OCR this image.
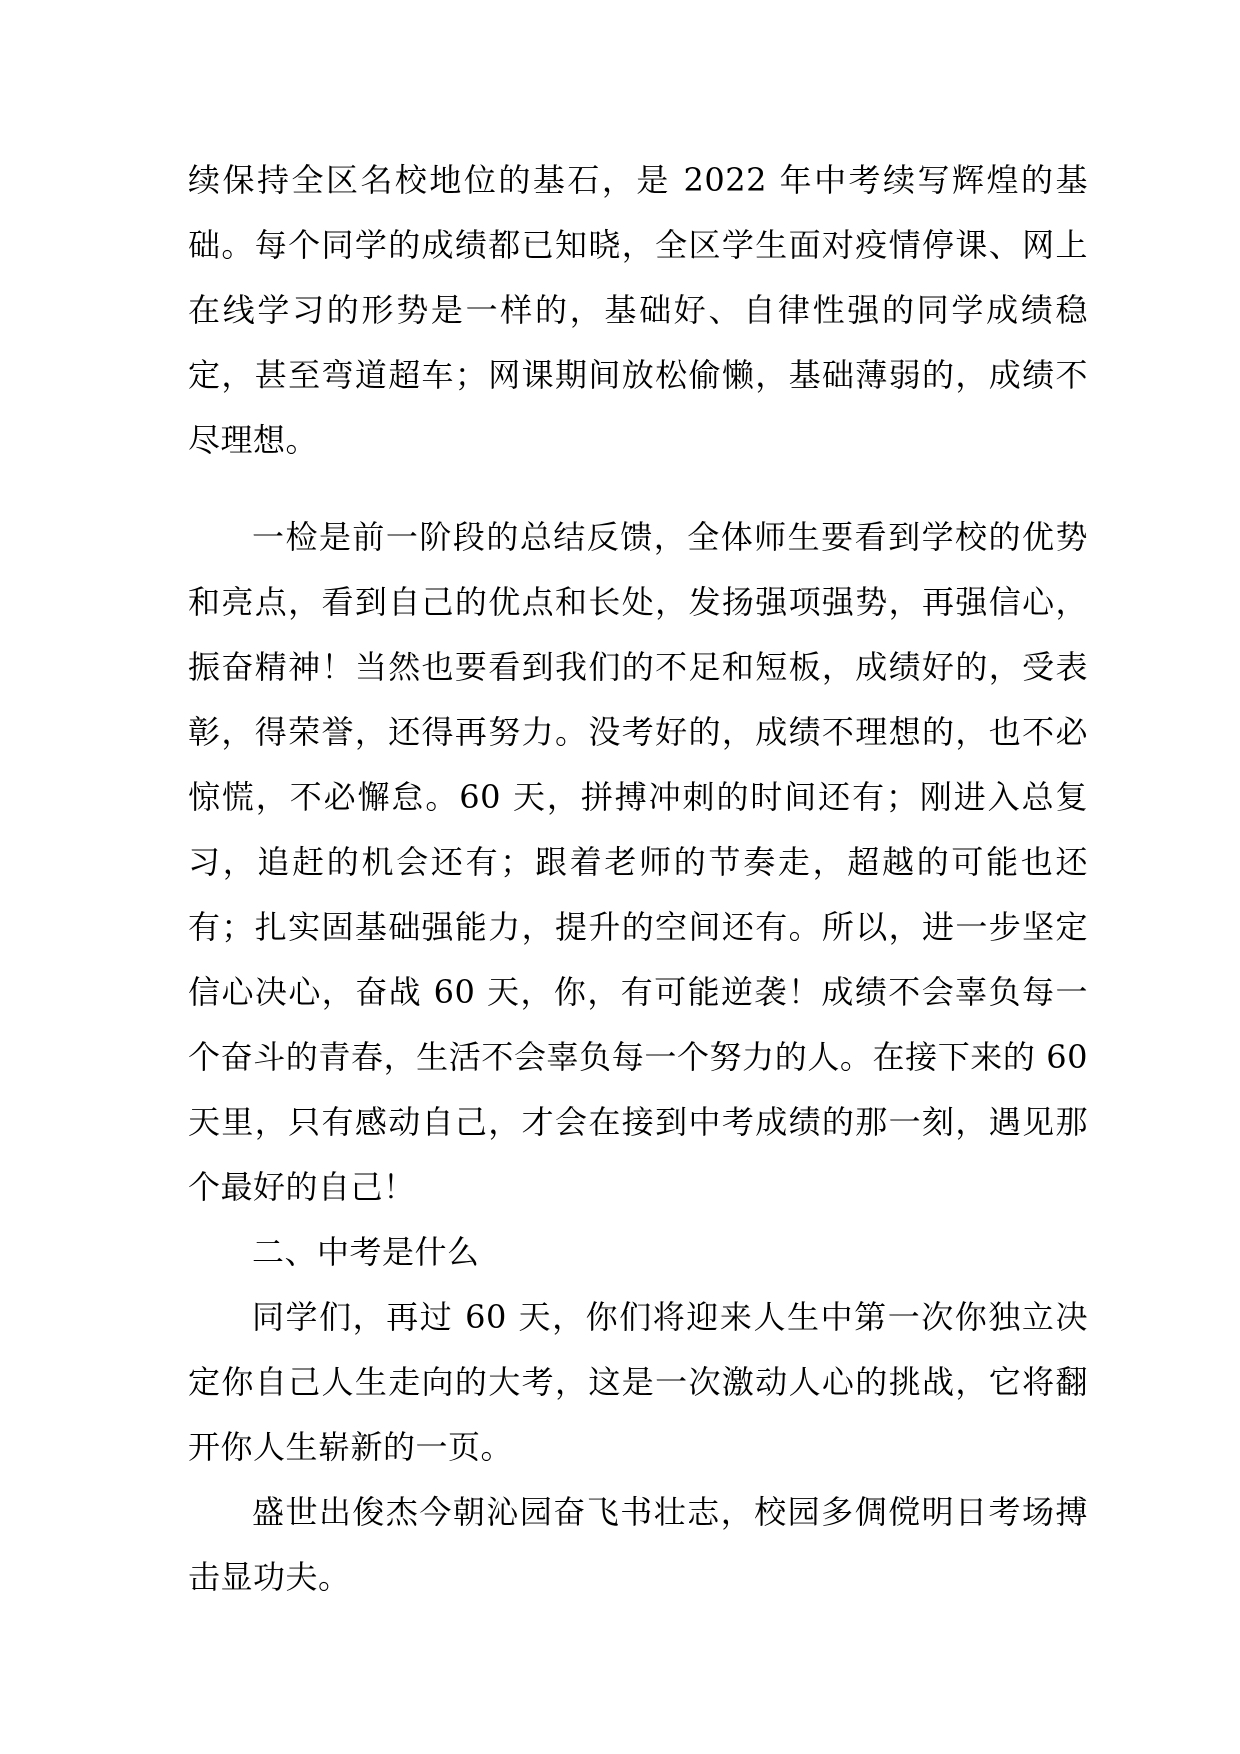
续保持全区名校地位的基石，是 2022 年中考续写辉煌的基础。每个同学的成绩都已知晓，全区学生面对疫情停课、网上在线学习的形势是一样的，基础好、自律性强的同学成绩稳定，甚至弯道超车；网课期间放松偷懒，基础薄弱的，成绩不尽理想。

一检是前一阶段的总结反馈，全体师生要看到学校的优势和亮点，看到自己的优点和长处，发扬强项强势，再强信心，振奋精神！当然也要看到我们的不足和短板，成绩好的，受表彰，得荣誉，还得再努力。没考好的，成绩不理想的，也不必惊慌，不必懈怠。60 天，拼搏冲刺的时间还有；刚进入总复习，追赶的机会还有；跟着老师的节奏走，超越的可能也还有；扎实固基础强能力，提升的空间还有。所以，进一步坚定信心决心，奋战 60 天，你，有可能逆袭！成绩不会辜负每一个奋斗的青春，生活不会辜负每一个努力的人。在接下来的 60 天里，只有感动自己，才会在接到中考成绩的那一刻，遇见那个最好的自己！

二、中考是什么

同学们，再过 60 天，你们将迎来人生中第一次你独立决定你自己人生走向的大考，这是一次激动人心的挑战，它将翻开你人生崭新的一页。

盛世出俊杰今朝沁园奋飞书壮志，校园多倜傥明日考场搏击显功夫。
